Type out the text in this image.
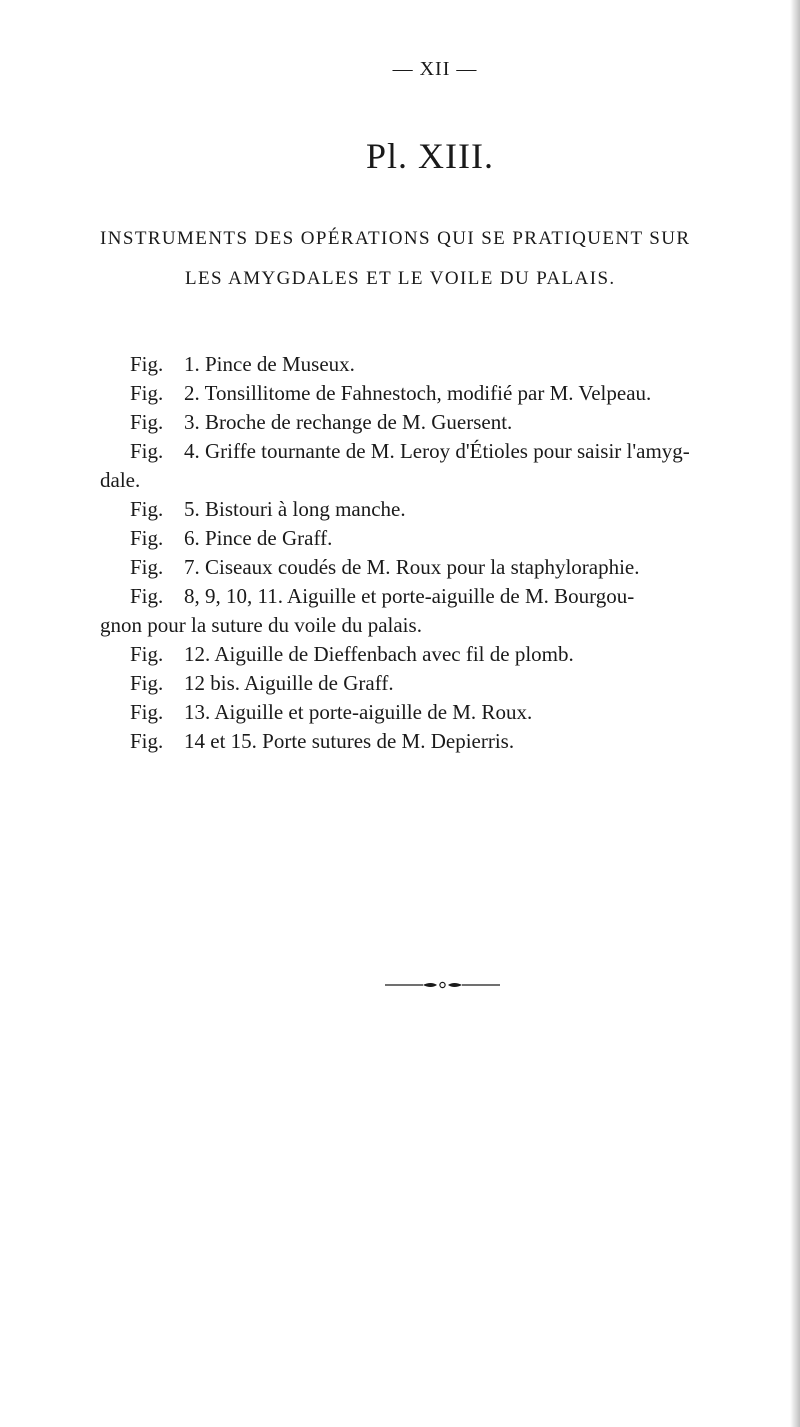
— XII —
Pl. XIII.
INSTRUMENTS DES OPÉRATIONS QUI SE PRATIQUENT SUR
LES AMYGDALES ET LE VOILE DU PALAIS.
Fig. 1. Pince de Museux.
Fig. 2. Tonsillitome de Fahnestoch, modifié par M. Velpeau.
Fig. 3. Broche de rechange de M. Guersent.
Fig. 4. Griffe tournante de M. Leroy d'Étioles pour saisir l'amyg-
dale.
Fig. 5. Bistouri à long manche.
Fig. 6. Pince de Graff.
Fig. 7. Ciseaux coudés de M. Roux pour la staphyloraphie.
Fig. 8, 9, 10, 11. Aiguille et porte-aiguille de M. Bourgou-
gnon pour la suture du voile du palais.
Fig. 12. Aiguille de Dieffenbach avec fil de plomb.
Fig. 12 bis. Aiguille de Graff.
Fig. 13. Aiguille et porte-aiguille de M. Roux.
Fig. 14 et 15. Porte sutures de M. Depierris.
